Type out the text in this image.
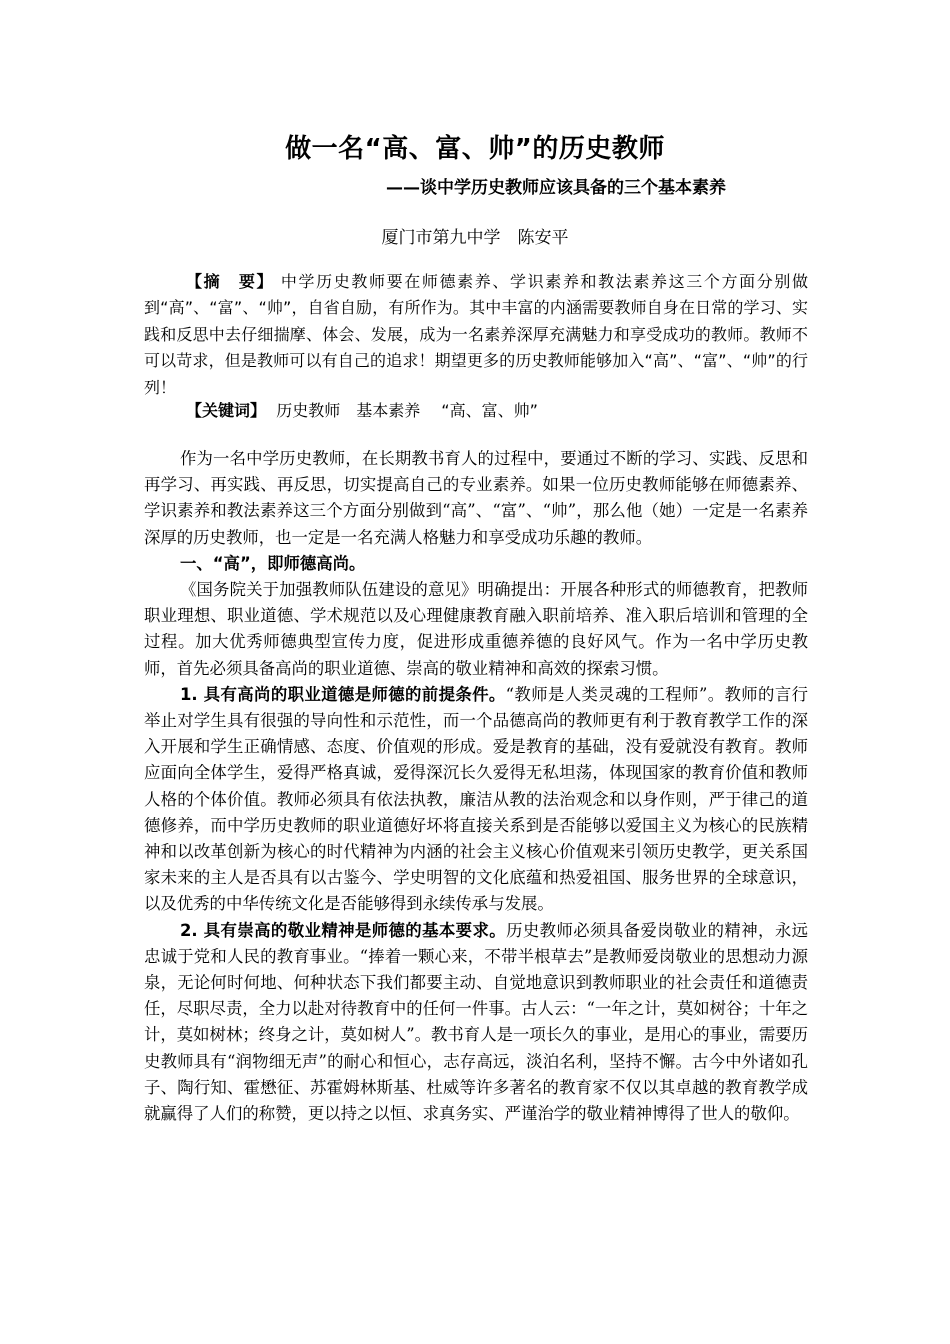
做一名“高、富、帅”的历史教师
——谈中学历史教师应该具备的三个基本素养
厦门市第九中学　陈安平

【摘　要】 中学历史教师要在师德素养、学识素养和教法素养这三个方面分别做到“高”、“富”、“帅”，自省自励，有所作为。其中丰富的内涵需要教师自身在日常的学习、实践和反思中去仔细揣摩、体会、发展，成为一名素养深厚充满魅力和享受成功的教师。教师不可以苛求，但是教师可以有自己的追求！期望更多的历史教师能够加入“高”、“富”、“帅”的行列！

【关键词】  历史教师　基本素养　 “高、富、帅”

作为一名中学历史教师，在长期教书育人的过程中，要通过不断的学习、实践、反思和再学习、再实践、再反思，切实提高自己的专业素养。如果一位历史教师能够在师德素养、学识素养和教法素养这三个方面分别做到“高”、“富”、“帅”，那么他（她）一定是一名素养深厚的历史教师，也一定是一名充满人格魅力和享受成功乐趣的教师。

一、“高”，即师德高尚。

《国务院关于加强教师队伍建设的意见》明确提出：开展各种形式的师德教育，把教师职业理想、职业道德、学术规范以及心理健康教育融入职前培养、准入职后培训和管理的全过程。加大优秀师德典型宣传力度，促进形成重德养德的良好风气。作为一名中学历史教师，首先必须具备高尚的职业道德、崇高的敬业精神和高效的探索习惯。

1. 具有高尚的职业道德是师德的前提条件。“教师是人类灵魂的工程师”。教师的言行举止对学生具有很强的导向性和示范性，而一个品德高尚的教师更有利于教育教学工作的深入开展和学生正确情感、态度、价值观的形成。爱是教育的基础，没有爱就没有教育。教师应面向全体学生，爱得严格真诚，爱得深沉长久爱得无私坦荡，体现国家的教育价值和教师人格的个体价值。教师必须具有依法执教，廉洁从教的法治观念和以身作则，严于律己的道德修养，而中学历史教师的职业道德好坏将直接关系到是否能够以爱国主义为核心的民族精神和以改革创新为核心的时代精神为内涵的社会主义核心价值观来引领历史教学，更关系国家未来的主人是否具有以古鉴今、学史明智的文化底蕴和热爱祖国、服务世界的全球意识，以及优秀的中华传统文化是否能够得到永续传承与发展。

2. 具有崇高的敬业精神是师德的基本要求。历史教师必须具备爱岗敬业的精神，永远忠诚于党和人民的教育事业。“捧着一颗心来，不带半根草去”是教师爱岗敬业的思想动力源泉，无论何时何地、何种状态下我们都要主动、自觉地意识到教师职业的社会责任和道德责任，尽职尽责，全力以赴对待教育中的任何一件事。古人云：“一年之计，莫如树谷；十年之计，莫如树林；终身之计，莫如树人”。教书育人是一项长久的事业，是用心的事业，需要历史教师具有“润物细无声”的耐心和恒心，志存高远，淡泊名利，坚持不懈。古今中外诸如孔子、陶行知、霍懋征、苏霍姆林斯基、杜威等许多著名的教育家不仅以其卓越的教育教学成就赢得了人们的称赞，更以持之以恒、求真务实、严谨治学的敬业精神博得了世人的敬仰。
